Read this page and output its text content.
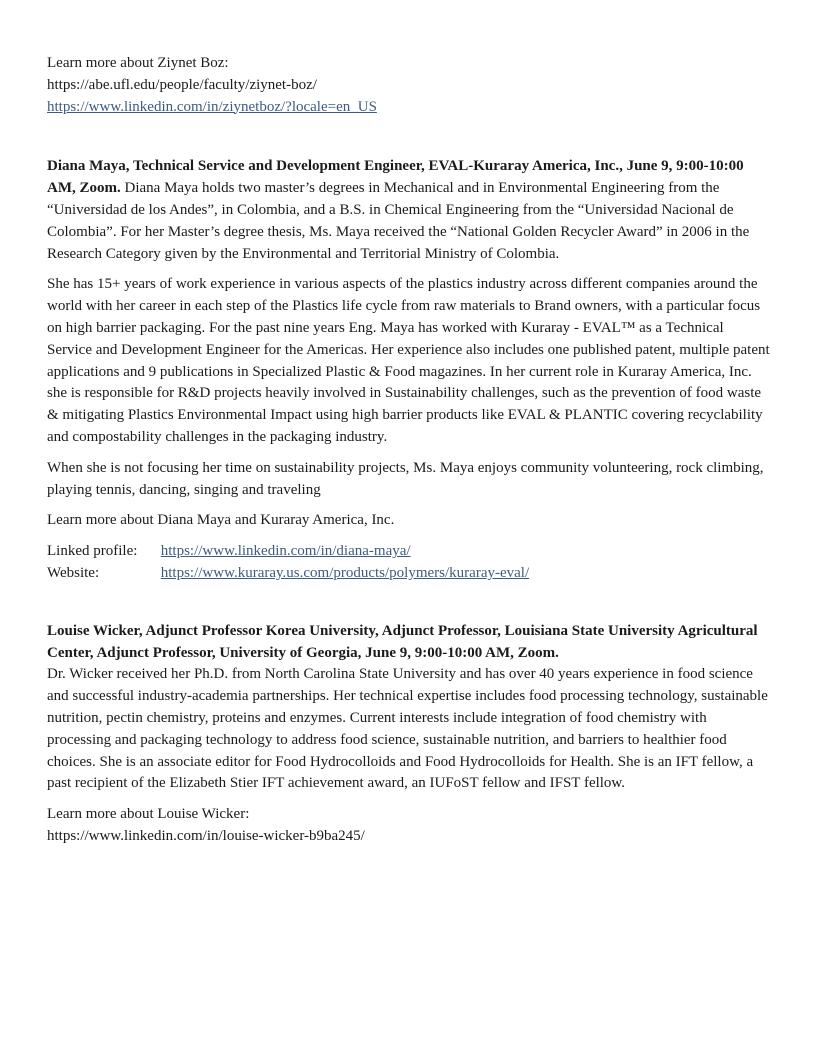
Learn more about Ziynet Boz:
https://abe.ufl.edu/people/faculty/ziynet-boz/
https://www.linkedin.com/in/ziynetboz/?locale=en_US

Diana Maya, Technical Service and Development Engineer, EVAL-Kuraray America, Inc., June 9, 9:00-10:00 AM, Zoom. Diana Maya holds two master’s degrees in Mechanical and in Environmental Engineering from the “Universidad de los Andes”, in Colombia, and a B.S. in Chemical Engineering from the “Universidad Nacional de Colombia”. For her Master’s degree thesis, Ms. Maya received the “National Golden Recycler Award” in 2006 in the Research Category given by the Environmental and Territorial Ministry of Colombia.

She has 15+ years of work experience in various aspects of the plastics industry across different companies around the world with her career in each step of the Plastics life cycle from raw materials to Brand owners, with a particular focus on high barrier packaging. For the past nine years Eng. Maya has worked with Kuraray - EVAL™ as a Technical Service and Development Engineer for the Americas. Her experience also includes one published patent, multiple patent applications and 9 publications in Specialized Plastic & Food magazines. In her current role in Kuraray America, Inc. she is responsible for R&D projects heavily involved in Sustainability challenges, such as the prevention of food waste & mitigating Plastics Environmental Impact using high barrier products like EVAL & PLANTIC covering recyclability and compostability challenges in the packaging industry.

When she is not focusing her time on sustainability projects, Ms. Maya enjoys community volunteering, rock climbing, playing tennis, dancing, singing and traveling

Learn more about Diana Maya and Kuraray America, Inc.

Linked profile: https://www.linkedin.com/in/diana-maya/
Website:	https://www.kuraray.us.com/products/polymers/kuraray-eval/

Louise Wicker, Adjunct Professor Korea University, Adjunct Professor, Louisiana State University Agricultural Center, Adjunct Professor, University of Georgia, June 9, 9:00-10:00 AM, Zoom.
Dr. Wicker received her Ph.D. from North Carolina State University and has over 40 years experience in food science and successful industry-academia partnerships. Her technical expertise includes food processing technology, sustainable nutrition, pectin chemistry, proteins and enzymes. Current interests include integration of food chemistry with processing and packaging technology to address food science, sustainable nutrition, and barriers to healthier food choices. She is an associate editor for Food Hydrocolloids and Food Hydrocolloids for Health. She is an IFT fellow, a past recipient of the Elizabeth Stier IFT achievement award, an IUFoST fellow and IFST fellow.

Learn more about Louise Wicker:
https://www.linkedin.com/in/louise-wicker-b9ba245/
